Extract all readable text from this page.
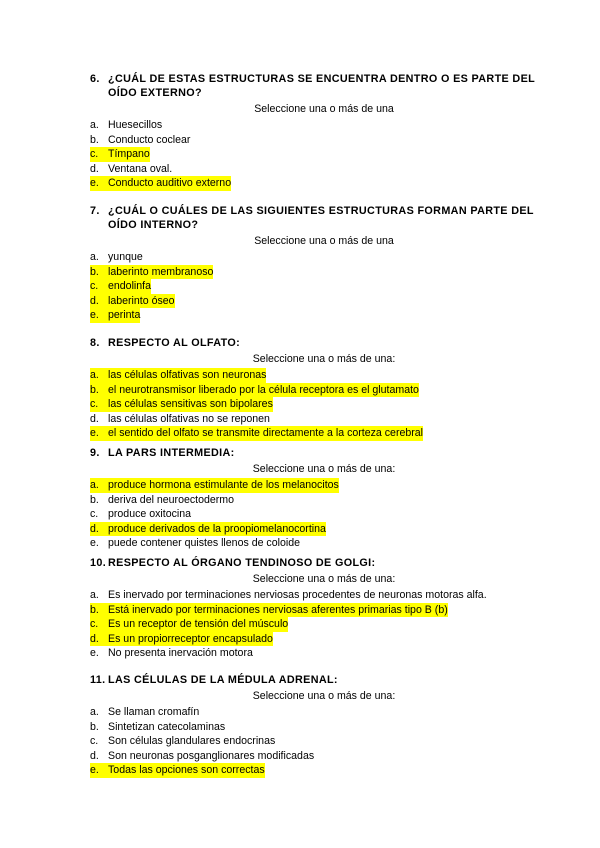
6. ¿CUÁL DE ESTAS ESTRUCTURAS SE ENCUENTRA DENTRO O ES PARTE DEL OÍDO EXTERNO?
Seleccione una o más de una
a. Huesecillos
b. Conducto coclear
c. Tímpano
d. Ventana oval.
e. Conducto auditivo externo
7. ¿CUÁL O CUÁLES DE LAS SIGUIENTES ESTRUCTURAS FORMAN PARTE DEL OÍDO INTERNO?
Seleccione una o más de una
a. yunque
b. laberinto membranoso
c. endolinfa
d. laberinto óseo
e. perinta
8. RESPECTO AL OLFATO:
Seleccione una o más de una:
a. las células olfativas son neuronas
b. el neurotransmisor liberado por la célula receptora es el glutamato
c. las células sensitivas son bipolares
d. las células olfativas no se reponen
e. el sentido del olfato se transmite directamente a la corteza cerebral
9. LA PARS INTERMEDIA:
Seleccione una o más de una:
a. produce hormona estimulante de los melanocitos
b. deriva del neuroectodermo
c. produce oxitocina
d. produce derivados de la proopiomelanocortina
e. puede contener quistes llenos de coloide
10. RESPECTO AL ÓRGANO TENDINOSO DE GOLGI:
Seleccione una o más de una:
a. Es inervado por terminaciones nerviosas procedentes de neuronas motoras alfa.
b. Está inervado por terminaciones nerviosas aferentes primarias tipo B (b)
c. Es un receptor de tensión del músculo
d. Es un propiorreceptor encapsulado
e. No presenta inervación motora
11. LAS CÉLULAS DE LA MÉDULA ADRENAL:
Seleccione una o más de una:
a. Se llaman cromafín
b. Sintetizan catecolaminas
c. Son células glandulares endocrinas
d. Son neuronas posganglionares modificadas
e. Todas las opciones son correctas
